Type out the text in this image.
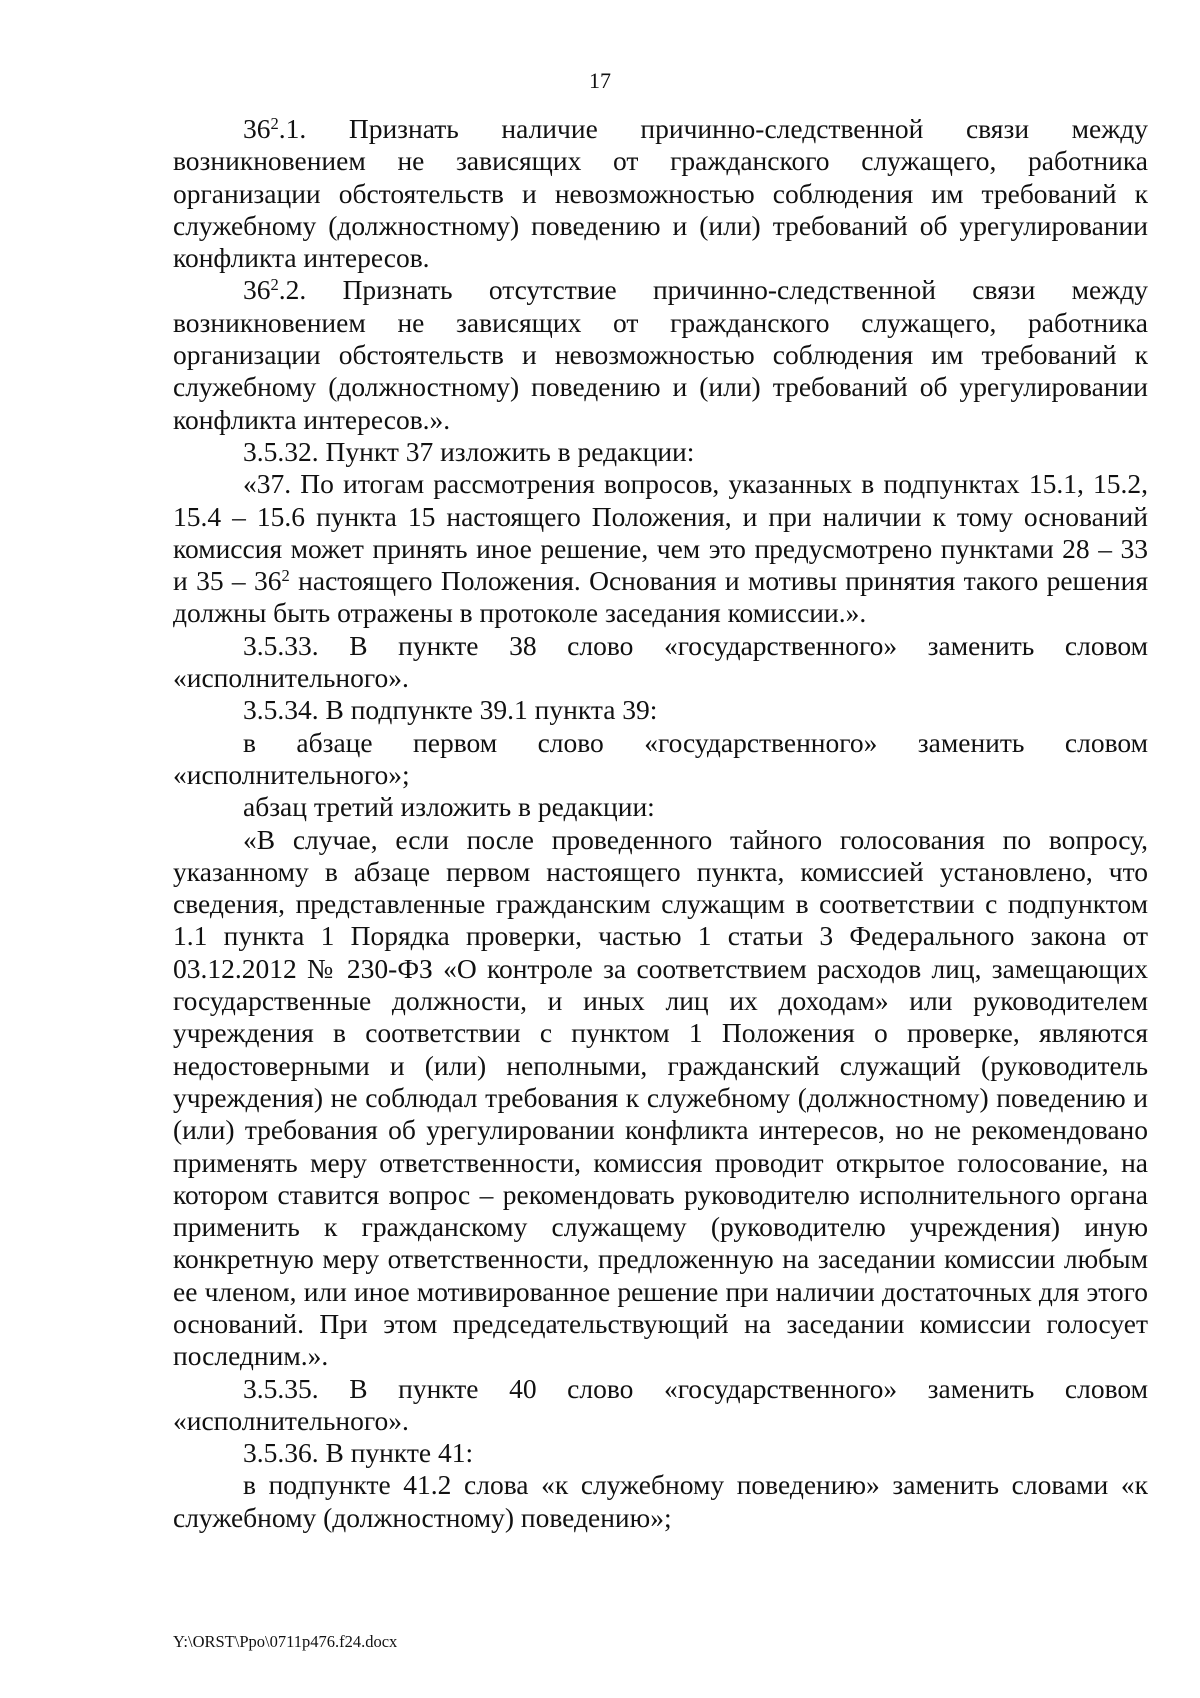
17

$36^2.1$. Признать наличие причинно-следственной связи между возникновением не зависящих от гражданского служащего, работника организации обстоятельств и невозможностью соблюдения им требований к служебному (должностному) поведению и (или) требований об урегулировании конфликта интересов.

$36^2.2$. Признать отсутствие причинно-следственной связи между возникновением не зависящих от гражданского служащего, работника организации обстоятельств и невозможностью соблюдения им требований к служебному (должностному) поведению и (или) требований об урегулировании конфликта интересов.».

3.5.32. Пункт 37 изложить в редакции:

«37. По итогам рассмотрения вопросов, указанных в подпунктах 15.1, 15.2, 15.4 – 15.6 пункта 15 настоящего Положения, и при наличии к тому оснований комиссия может принять иное решение, чем это предусмотрено пунктами 28 – 33 и $35 - 36^2$ настоящего Положения. Основания и мотивы принятия такого решения должны быть отражены в протоколе заседания комиссии.».

3.5.33. В пункте 38 слово «государственного» заменить словом «исполнительного».

3.5.34. В подпункте 39.1 пункта 39:

в абзаце первом слово «государственного» заменить словом «исполнительного»;

абзац третий изложить в редакции:

«В случае, если после проведенного тайного голосования по вопросу, указанному в абзаце первом настоящего пункта, комиссией установлено, что сведения, представленные гражданским служащим в соответствии с подпунктом 1.1 пункта 1 Порядка проверки, частью 1 статьи 3 Федерального закона от 03.12.2012 № 230-ФЗ «О контроле за соответствием расходов лиц, замещающих государственные должности, и иных лиц их доходам» или руководителем учреждения в соответствии с пунктом 1 Положения о проверке, являются недостоверными и (или) неполными, гражданский служащий (руководитель учреждения) не соблюдал требования к служебному (должностному) поведению и (или) требования об урегулировании конфликта интересов, но не рекомендовано применять меру ответственности, комиссия проводит открытое голосование, на котором ставится вопрос – рекомендовать руководителю исполнительного органа применить к гражданскому служащему (руководителю учреждения) иную конкретную меру ответственности, предложенную на заседании комиссии любым ее членом, или иное мотивированное решение при наличии достаточных для этого оснований. При этом председательствующий на заседании комиссии голосует последним.».

3.5.35. В пункте 40 слово «государственного» заменить словом «исполнительного».

3.5.36. В пункте 41:

в подпункте 41.2 слова «к служебному поведению» заменить словами «к служебному (должностному) поведению»;

Y:\ORST\Ppo\0711p476.f24.docx
